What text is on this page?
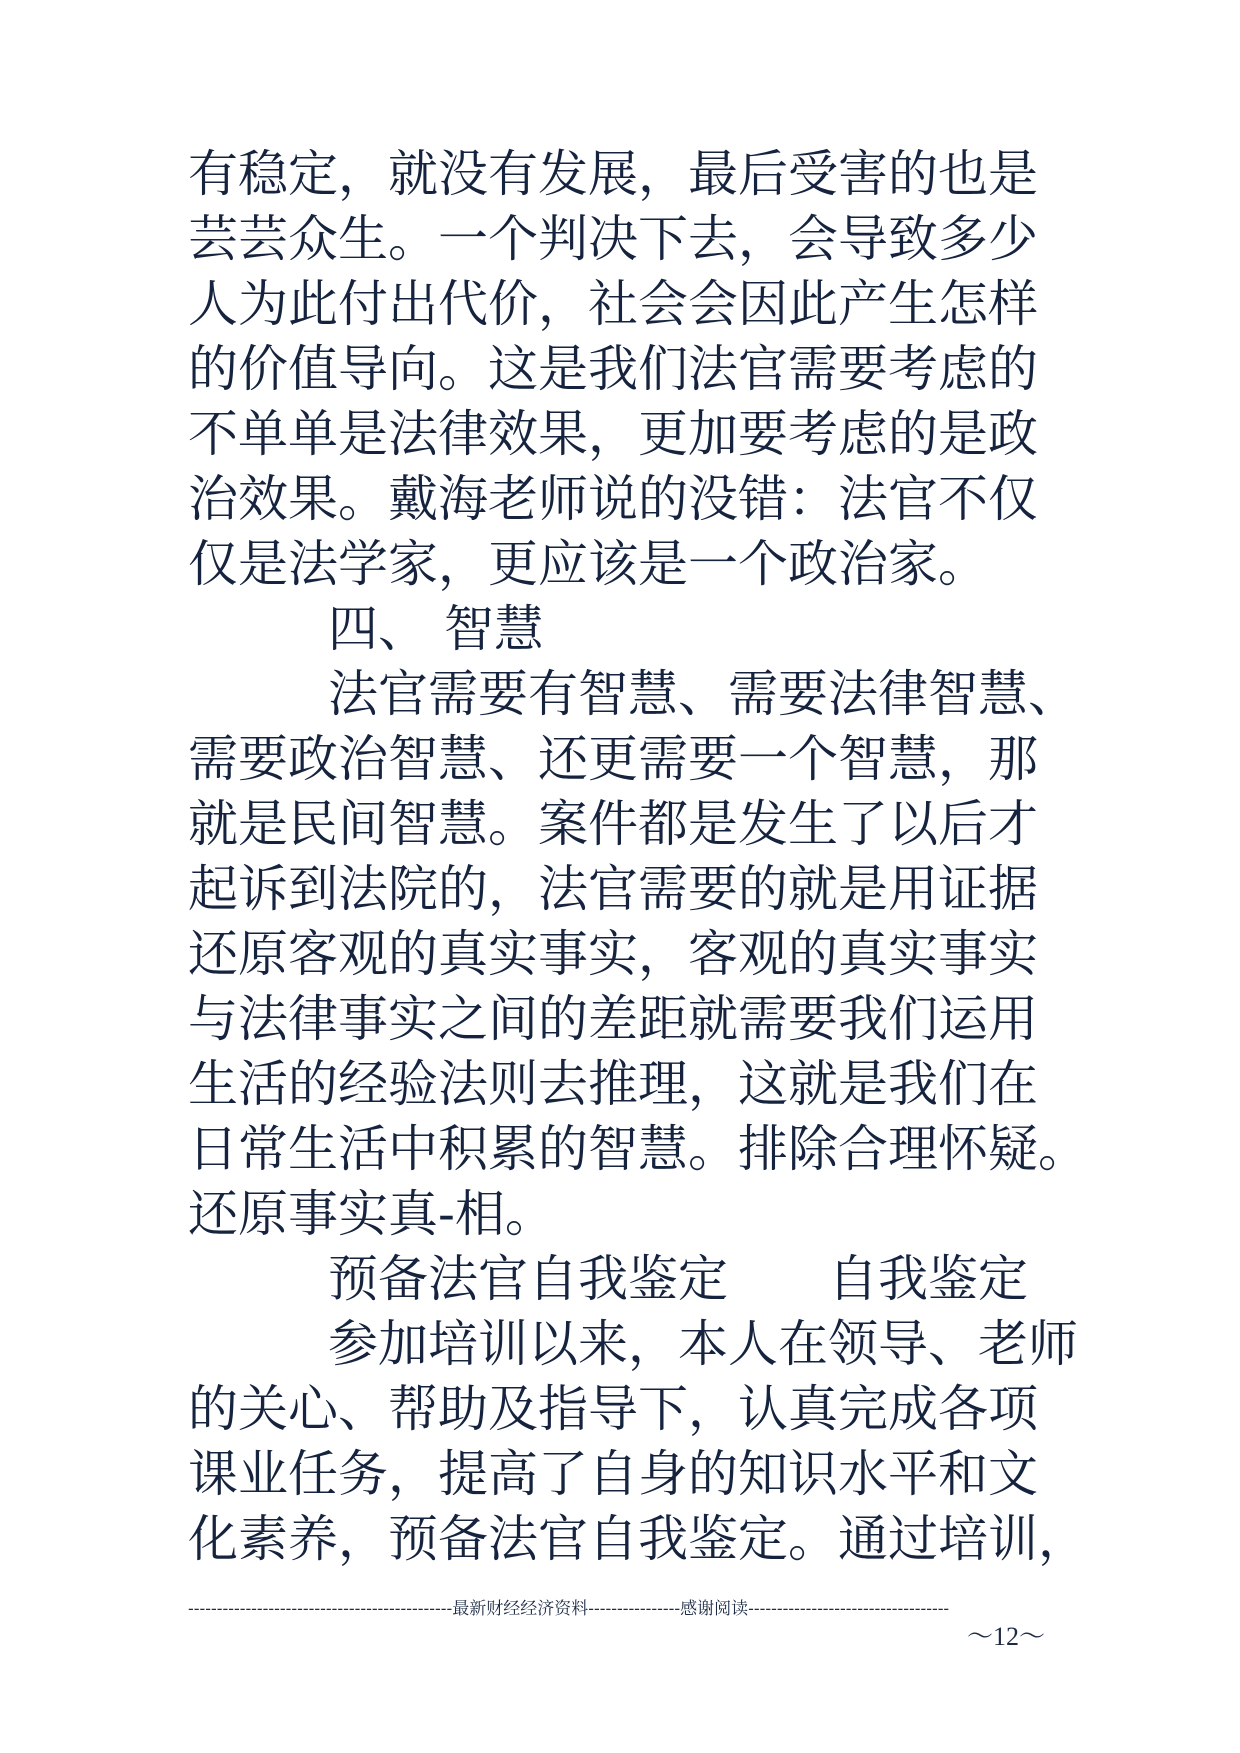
有稳定，就没有发展，最后受害的也是
芸芸众生。一个判决下去，会导致多少
人为此付出代价，社会会因此产生怎样
的价值导向。这是我们法官需要考虑的
不单单是法律效果，更加要考虑的是政
治效果。戴海老师说的没错：法官不仅
仅是法学家，更应该是一个政治家。
四、 智慧
法官需要有智慧、需要法律智慧、
需要政治智慧、还更需要一个智慧，那
就是民间智慧。案件都是发生了以后才
起诉到法院的，法官需要的就是用证据
还原客观的真实事实，客观的真实事实
与法律事实之间的差距就需要我们运用
生活的经验法则去推理，这就是我们在
日常生活中积累的智慧。排除合理怀疑。
还原事实真-相。
预备法官自我鉴定　　自我鉴定
参加培训以来，本人在领导、老师
的关心、帮助及指导下，认真完成各项
课业任务，提高了自身的知识水平和文
化素养，预备法官自我鉴定。通过培训，
----------------------------------------------最新财经经济资料----------------感谢阅读-----------------------------------
～12～
